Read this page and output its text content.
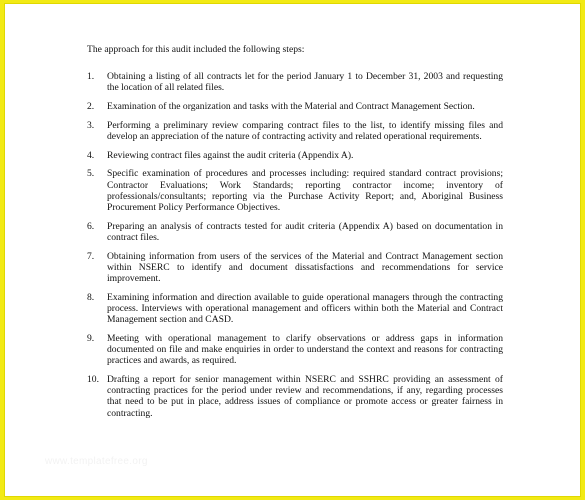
The approach for this audit included the following steps:

1.	Obtaining a listing of all contracts let for the period January 1 to December 31, 2003 and requesting the location of all related files.
2.	Examination of the organization and tasks with the Material and Contract Management Section.
3.	Performing a preliminary review comparing contract files to the list, to identify missing files and develop an appreciation of the nature of contracting activity and related operational requirements.
4.	Reviewing contract files against the audit criteria (Appendix A).
5.	Specific examination of procedures and processes including: required standard contract provisions; Contractor Evaluations; Work Standards; reporting contractor income; inventory of professionals/consultants; reporting via the Purchase Activity Report; and, Aboriginal Business Procurement Policy Performance Objectives.
6.	Preparing an analysis of contracts tested for audit criteria (Appendix A) based on documentation in contract files.
7.	Obtaining information from users of the services of the Material and Contract Management section within NSERC to identify and document dissatisfactions and recommendations for service improvement.
8.	Examining information and direction available to guide operational managers through the contracting process. Interviews with operational management and officers within both the Material and Contract Management section and CASD.
9.	Meeting with operational management to clarify observations or address gaps in information documented on file and make enquiries in order to understand the context and reasons for contracting practices and awards, as required.
10. Drafting a report for senior management within NSERC and SSHRC providing an assessment of contracting practices for the period under review and recommendations, if any, regarding processes that need to be put in place, address issues of compliance or promote access or greater fairness in contracting.
www.templatefree.org
